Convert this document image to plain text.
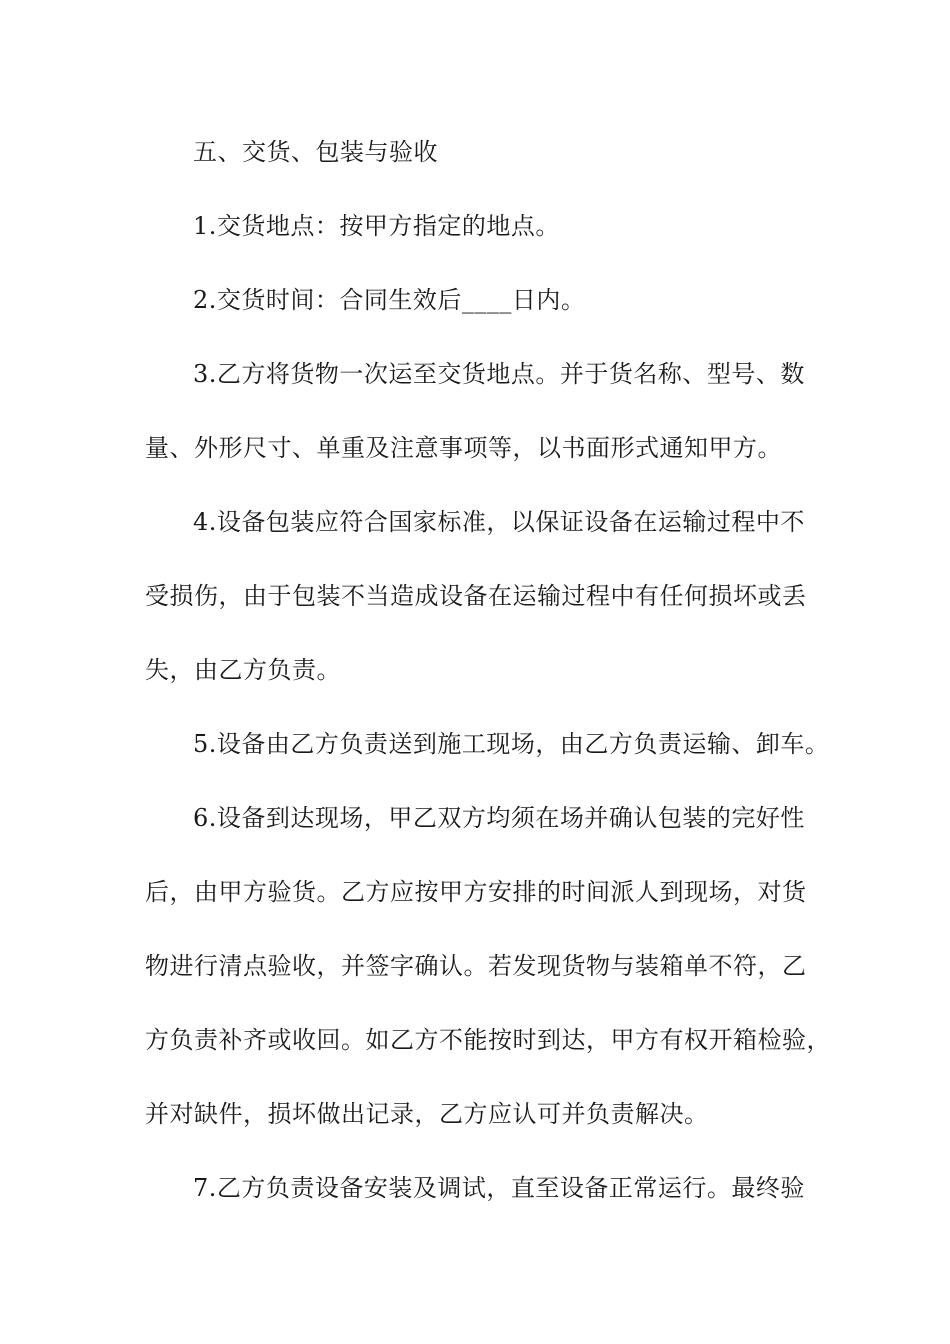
五、交货、包装与验收
1.交货地点：按甲方指定的地点。
2.交货时间：合同生效后____日内。
3.乙方将货物一次运至交货地点。并于货名称、型号、数
量、外形尺寸、单重及注意事项等，以书面形式通知甲方。
4.设备包装应符合国家标准，以保证设备在运输过程中不
受损伤，由于包装不当造成设备在运输过程中有任何损坏或丢
失，由乙方负责。
5.设备由乙方负责送到施工现场，由乙方负责运输、卸车。
6.设备到达现场，甲乙双方均须在场并确认包装的完好性
后，由甲方验货。乙方应按甲方安排的时间派人到现场，对货
物进行清点验收，并签字确认。若发现货物与装箱单不符，乙
方负责补齐或收回。如乙方不能按时到达，甲方有权开箱检验，
并对缺件，损坏做出记录，乙方应认可并负责解决。
7.乙方负责设备安装及调试，直至设备正常运行。最终验
